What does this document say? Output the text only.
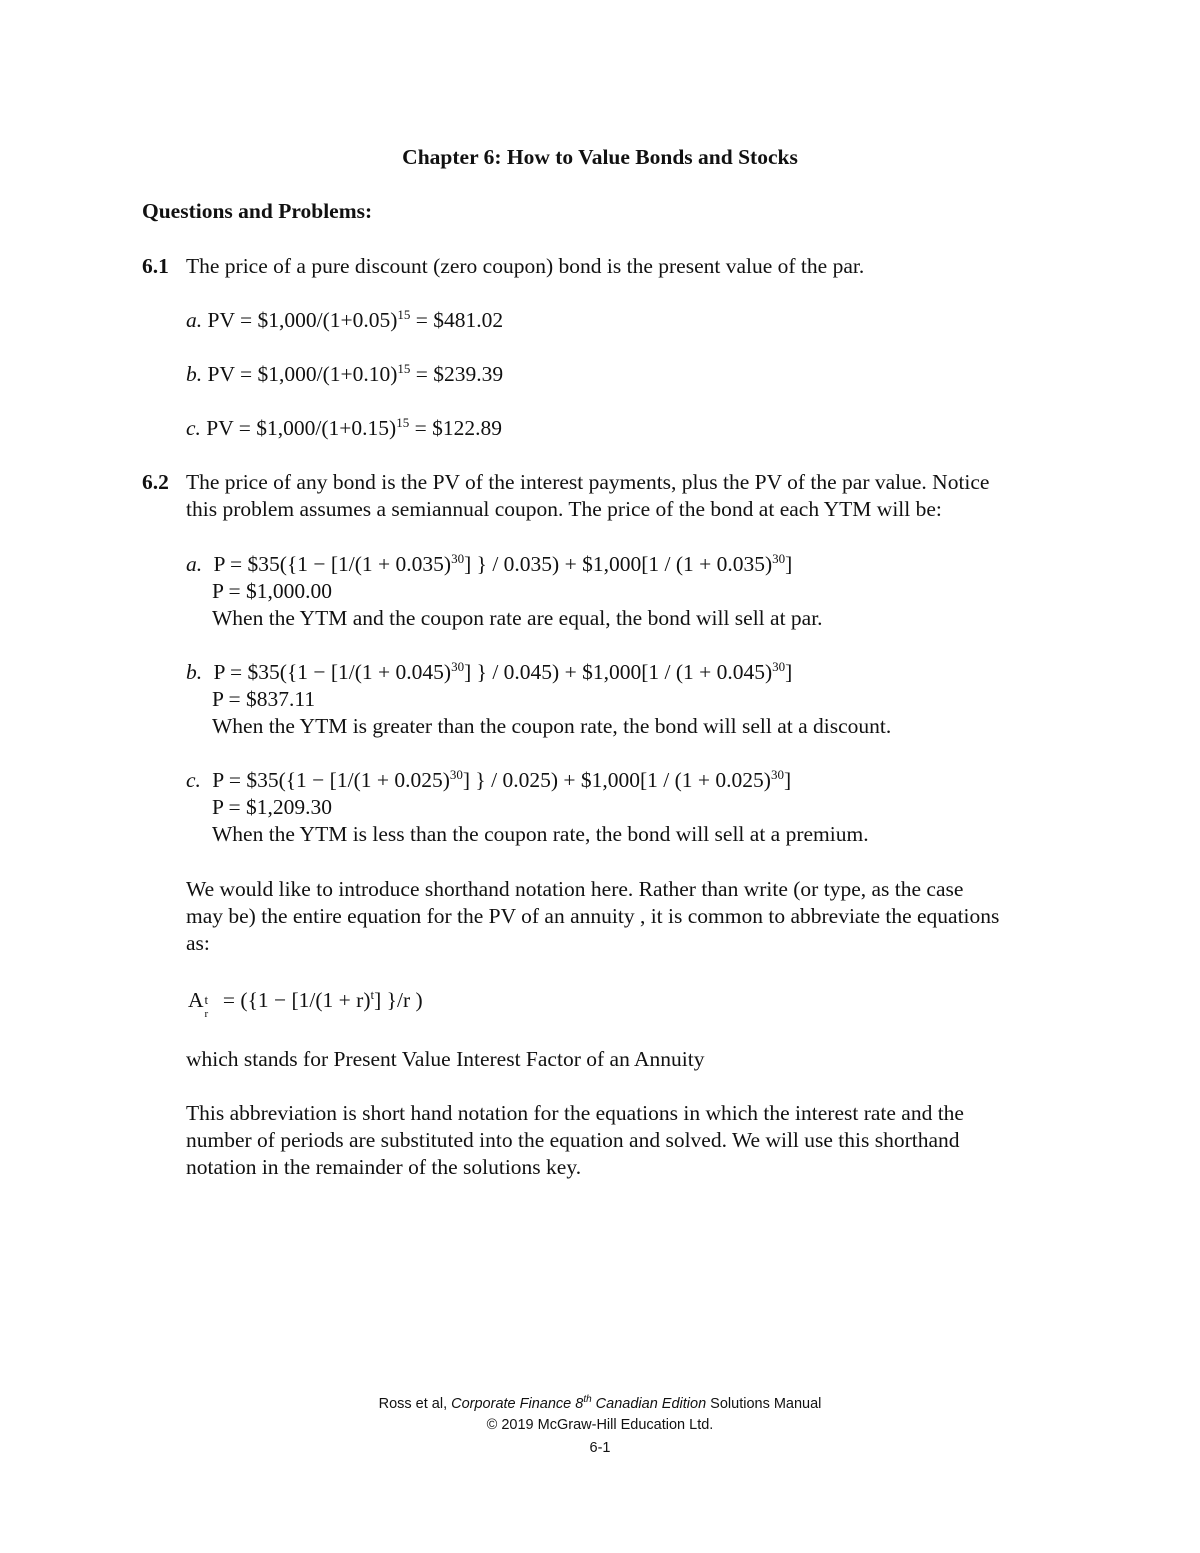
Chapter 6: How to Value Bonds and Stocks
Questions and Problems:
6.1 The price of a pure discount (zero coupon) bond is the present value of the par.
a. PV = $\$1,000/(1+0.05)^{15}$ = $481.02
b. PV = $\$1,000/(1+0.10)^{15}$ = $239.39
c. PV = $\$1,000/(1+0.15)^{15}$ = $122.89
6.2 The price of any bond is the PV of the interest payments, plus the PV of the par value. Notice
this problem assumes a semiannual coupon. The price of the bond at each YTM will be:
a. P = $35({1 − $[1/(1 + 0.035)^{30}]$ } / 0.035) + $1,000[1 / $(1 + 0.035)^{30}$]
P = $1,000.00
When the YTM and the coupon rate are equal, the bond will sell at par.
b. P = $35({1 − $[1/(1 + 0.045)^{30}]$ } / 0.045) + $1,000[1 / $(1 + 0.045)^{30}$]
P = $837.11
When the YTM is greater than the coupon rate, the bond will sell at a discount.
c. P = $35({1 − $[1/(1 + 0.025)^{30}]$ } / 0.025) + $1,000[1 / $(1 + 0.025)^{30}$]
P = $1,209.30
When the YTM is less than the coupon rate, the bond will sell at a premium.
We would like to introduce shorthand notation here. Rather than write (or type, as the case
may be) the entire equation for the PV of an annuity , it is common to abbreviate the equations
as:
A t
r
= ({$1 - [1/(1 + r)^t]$ }/r )
which stands for Present Value Interest Factor of an Annuity
This abbreviation is short hand notation for the equations in which the interest rate and the
number of periods are substituted into the equation and solved. We will use this shorthand
notation in the remainder of the solutions key.
Ross et al, Corporate Finance 8th Canadian Edition Solutions Manual
© 2019 McGraw-Hill Education Ltd.
6-1
